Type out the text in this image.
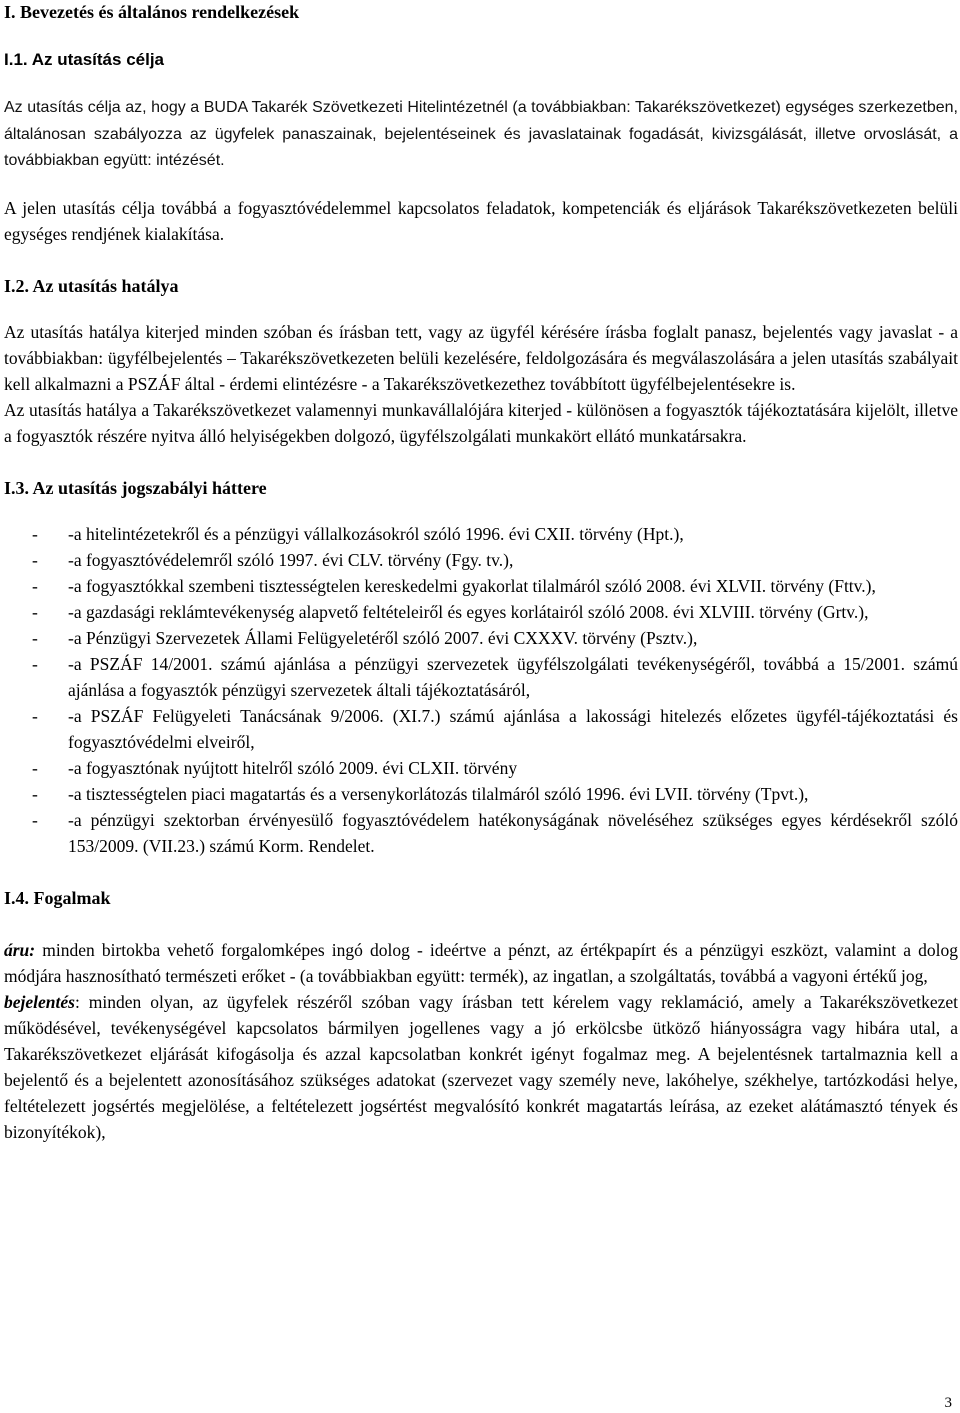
I. Bevezetés és általános rendelkezések
I.1. Az utasítás célja

Az utasítás célja az, hogy a BUDA Takarék Szövetkezeti Hitelintézetnél (a továbbiakban: Takarékszövetkezet) egységes szerkezetben, általánosan szabályozza az ügyfelek panaszainak, bejelentéseinek és javaslatainak fogadását, kivizsgálását, illetve orvoslását, a továbbiakban együtt: intézését.

A jelen utasítás célja továbbá a fogyasztóvédelemmel kapcsolatos feladatok, kompetenciák és eljárások Takarékszövetkezeten belüli egységes rendjének kialakítása.

I.2. Az utasítás hatálya

Az utasítás hatálya kiterjed minden szóban és írásban tett, vagy az ügyfél kérésére írásba foglalt panasz, bejelentés vagy javaslat - a továbbiakban: ügyfélbejelentés – Takarékszövetkezeten belüli kezelésére, feldolgozására és megválaszolására a jelen utasítás szabályait kell alkalmazni a PSZÁF által - érdemi elintézésre - a Takarékszövetkezethez továbbított ügyfélbejelentésekre is.

Az utasítás hatálya a Takarékszövetkezet valamennyi munkavállalójára kiterjed - különösen a fogyasztók tájékoztatására kijelölt, illetve a fogyasztók részére nyitva álló helyiségekben dolgozó, ügyfélszolgálati munkakört ellátó munkatársakra.

I.3. Az utasítás jogszabályi háttere
- -a hitelintézetekről és a pénzügyi vállalkozásokról szóló 1996. évi CXII. törvény (Hpt.),
- -a fogyasztóvédelemről szóló 1997. évi CLV. törvény (Fgy. tv.),
- -a fogyasztókkal szembeni tisztességtelen kereskedelmi gyakorlat tilalmáról szóló 2008. évi XLVII. törvény (Fttv.),
- -a gazdasági reklámtevékenység alapvető feltételeiről és egyes korlátairól szóló 2008. évi XLVIII. törvény (Grtv.),
- -a Pénzügyi Szervezetek Állami Felügyeletéről szóló 2007. évi CXXXV. törvény (Psztv.),
- -a PSZÁF 14/2001. számú ajánlása a pénzügyi szervezetek ügyfélszolgálati tevékenységéről, továbbá a 15/2001. számú ajánlása a fogyasztók pénzügyi szervezetek általi tájékoztatásáról,
- -a PSZÁF Felügyeleti Tanácsának 9/2006. (XI.7.) számú ajánlása a lakossági hitelezés előzetes ügyfél-tájékoztatási és fogyasztóvédelmi elveiről,
- -a fogyasztónak nyújtott hitelről szóló 2009. évi CLXII. törvény
- -a tisztességtelen piaci magatartás és a versenykorlátozás tilalmáról szóló 1996. évi LVII. törvény (Tpvt.),
- -a pénzügyi szektorban érvényesülő fogyasztóvédelem hatékonyságának növeléséhez szükséges egyes kérdésekről szóló 153/2009. (VII.23.) számú Korm. Rendelet.
I.4. Fogalmak

áru: minden birtokba vehető forgalomképes ingó dolog - ideértve a pénzt, az értékpapírt és a pénzügyi eszközt, valamint a dolog módjára hasznosítható természeti erőket - (a továbbiakban együtt: termék), az ingatlan, a szolgáltatás, továbbá a vagyoni értékű jog,

bejelentés: minden olyan, az ügyfelek részéről szóban vagy írásban tett kérelem vagy reklamáció, amely a Takarékszövetkezet működésével, tevékenységével kapcsolatos bármilyen jogellenes vagy a jó erkölcsbe ütköző hiányosságra vagy hibára utal, a Takarékszövetkezet eljárását kifogásolja és azzal kapcsolatban konkrét igényt fogalmaz meg. A bejelentésnek tartalmaznia kell a bejelentő és a bejelentett azonosításához szükséges adatokat (szervezet vagy személy neve, lakóhelye, székhelye, tartózkodási helye, feltételezett jogsértés megjelölése, a feltételezett jogsértést megvalósító konkrét magatartás leírása, az ezeket alátámasztó tények és bizonyítékok),

3
